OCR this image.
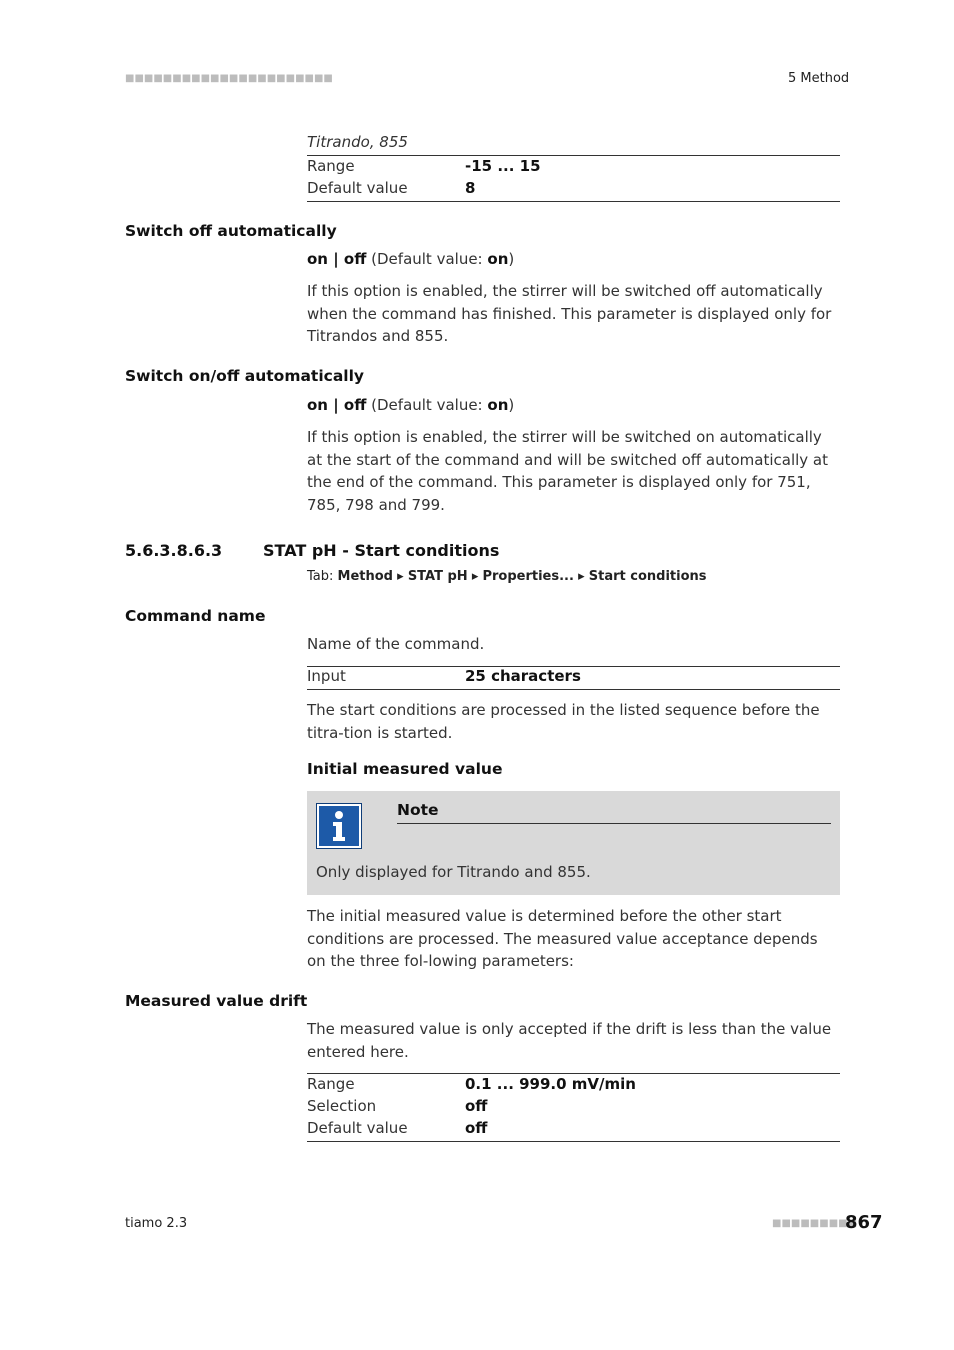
■■■■■■■■■■■■■■■■■■■■■■	5 Method
Titrando, 855
Range	-15 ... 15
Default value	8
Switch off automatically
on | off (Default value: on)
If this option is enabled, the stirrer will be switched off automatically when the command has finished. This parameter is displayed only for Titrandos and 855.
Switch on/off automatically
on | off (Default value: on)
If this option is enabled, the stirrer will be switched on automatically at the start of the command and will be switched off automatically at the end of the command. This parameter is displayed only for 751, 785, 798 and 799.
5.6.3.8.6.3	STAT pH - Start conditions
Tab: Method ▸ STAT pH ▸ Properties... ▸ Start conditions
Command name
Name of the command.
Input	25 characters
The start conditions are processed in the listed sequence before the titra-tion is started.
Initial measured value
Note
Only displayed for Titrando and 855.
The initial measured value is determined before the other start conditions are processed. The measured value acceptance depends on the three fol-lowing parameters:
Measured value drift
The measured value is only accepted if the drift is less than the value entered here.
Range	0.1 ... 999.0 mV/min
Selection	off
Default value	off
tiamo 2.3	■■■■■■■■■
867
